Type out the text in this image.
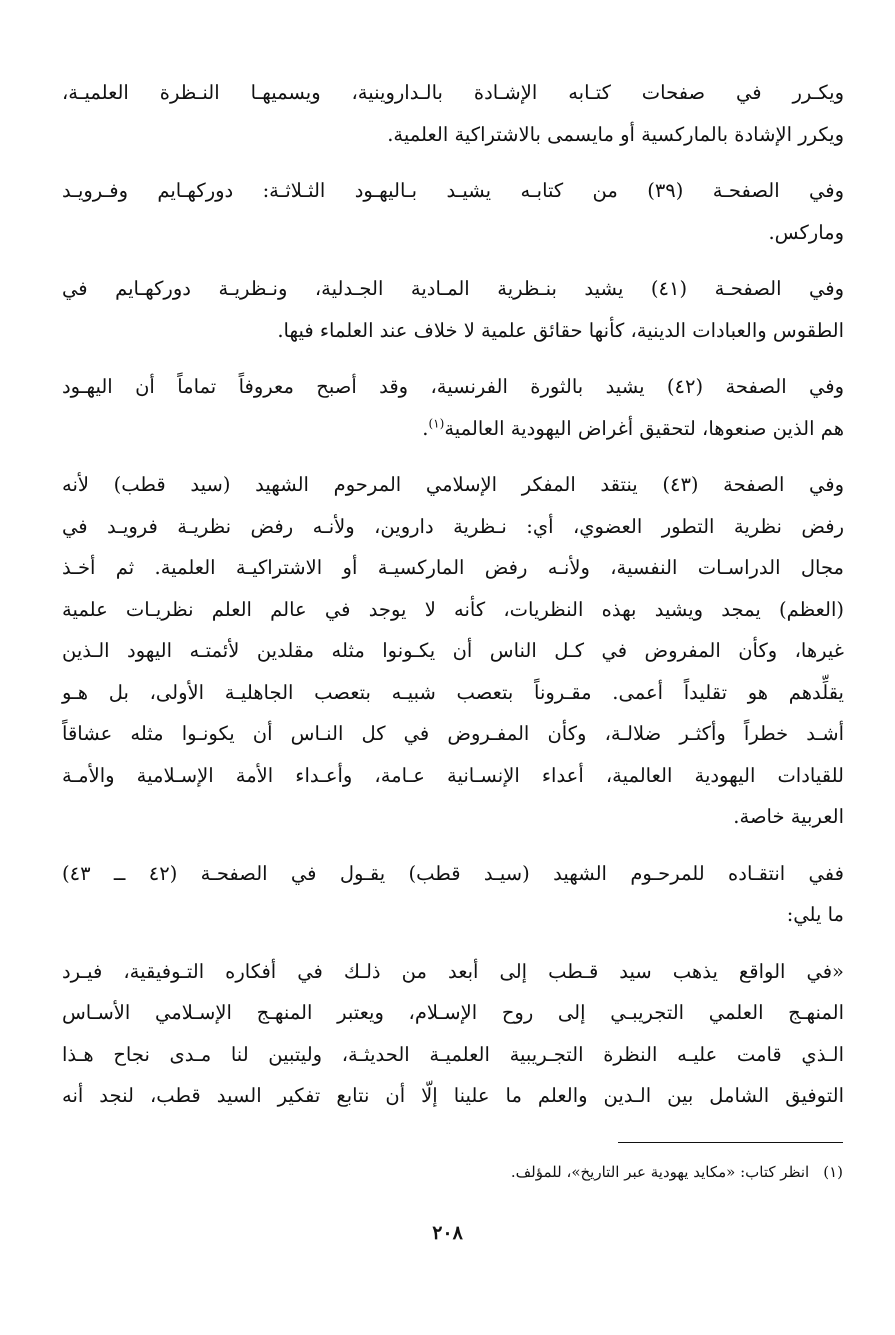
ويكـرر في صفحات كتـابه الإشـادة بالـداروينية، ويسميهـا النـظرة العلميـة،
ويكرر الإشادة بالماركسية أو مايسمى بالاشتراكية العلمية.

وفي الصفحـة (٣٩) من كتابـه يشيـد بـاليهـود الثـلاثـة: دوركهـايم وفـرويـد
وماركس.

وفي الصفحـة (٤١) يشيد بنـظرية المـادية الجـدلية، ونـظريـة دوركهـايم في
الطقوس والعبادات الدينية، كأنها حقائق علمية لا خلاف عند العلماء فيها.

وفي الصفحة (٤٢) يشيد بالثورة الفرنسية، وقد أصبح معروفاً تماماً أن اليهـود
هم الذين صنعوها، لتحقيق أغراض اليهودية العالمية$^{(١)}$.

وفي الصفحة (٤٣) ينتقد المفكر الإسلامي المرحوم الشهيد (سيد قطب) لأنه
رفض نظرية التطور العضوي، أي: نـظرية داروين، ولأنـه رفض نظريـة فرويـد في
مجال الدراسـات النفسية، ولأنـه رفض الماركسيـة أو الاشتراكيـة العلمية. ثم أخـذ
(العظم) يمجد ويشيد بهذه النظريات، كأنه لا يوجد في عالم العلم نظريـات علمية
غيرها، وكأن المفروض في كـل الناس أن يكـونوا مثله مقلدين لأئمتـه اليهود الـذين
يقلِّدهم هو تقليداً أعمى. مقـروناً بتعصب شبيـه بتعصب الجاهليـة الأولى، بل هـو
أشـد خطراً وأكثـر ضلالـة، وكأن المفـروض في كل النـاس أن يكونـوا مثله عشاقاً
للقيادات اليهودية العالمية، أعداء الإنسـانية عـامة، وأعـداء الأمة الإسـلامية والأمـة
العربية خاصة.

ففي انتقـاده للمرحـوم الشهيد (سيـد قطب) يقـول في الصفحـة (٤٢ ــ ٤٣)
ما يلي:

«في الواقع يذهب سيد قـطب إلى أبعد من ذلـك في أفكاره التـوفيقية، فيـرد
المنهـج العلمي التجريبـي إلى روح الإسـلام، ويعتبر المنهـج الإسـلامي الأسـاس
الـذي قامت عليـه النظرة التجـريبية العلميـة الحديثـة، وليتبين لنا مـدى نجاح هـذا
التوفيق الشامل بين الـدين والعلم ما علينا إلّا أن نتابع تفكير السيد قطب، لنجد أنه

(١)انظر كتاب: «مكايد يهودية عبر التاريخ»، للمؤلف.
٢٠٨
